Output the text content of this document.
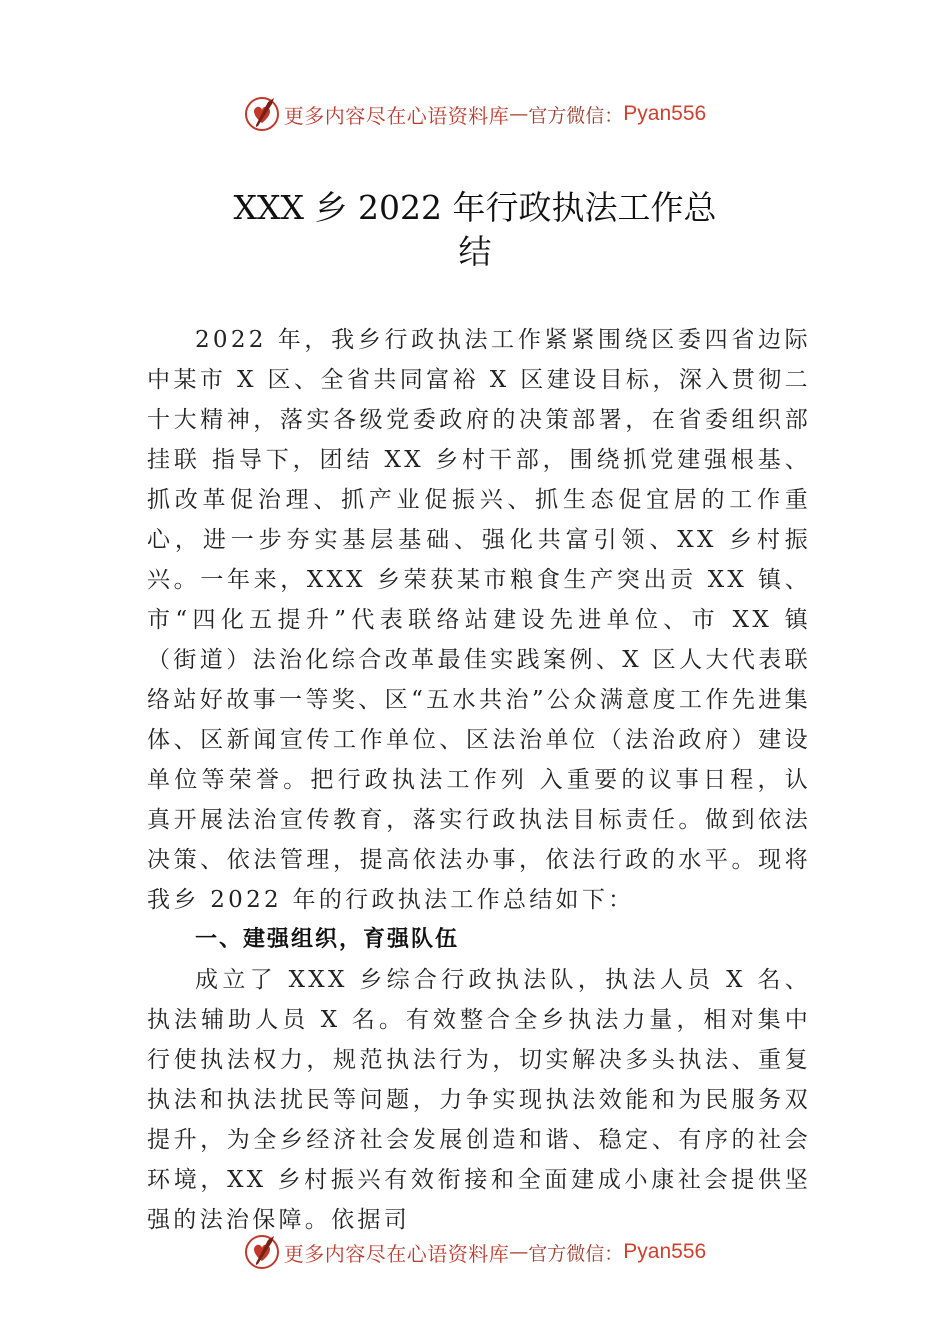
更多内容尽在心语资料库 — 官方微信： Pyan556
XXX 乡 2022 年行政执法工作总
结

2022 年，我乡行政执法工作紧紧围绕区委四省边际中某市 X 区、全省共同富裕 X 区建设目标，深入贯彻二十大精神，落实各级党委政府的决策部署，在省委组织部挂联 指导下，团结 XX 乡村干部，围绕抓党建强根基、抓改革促治理、抓产业促振兴、抓生态促宜居的工作重心，进一步夯实基层基础、强化共富引领、XX 乡村振兴。一年来，XXX 乡荣获某市粮食生产突出贡 XX 镇、市“四化五提升”代表联络站建设先进单位、市 XX 镇（街道）法治化综合改革最佳实践案例、X 区人大代表联络站好故事一等奖、区“五水共治”公众满意度工作先进集体、区新闻宣传工作单位、区法治单位（法治政府）建设单位等荣誉。把行政执法工作列 入重要的议事日程，认真开展法治宣传教育，落实行政执法目标责任。做到依法决策、依法管理，提高依法办事，依法行政的水平。现将我乡 2022 年的行政执法工作总结如下：

一、建强组织，育强队伍

成立了 XXX 乡综合行政执法队，执法人员 X 名、执法辅助人员 X 名。有效整合全乡执法力量，相对集中行使执法权力，规范执法行为，切实解决多头执法、重复执法和执法扰民等问题，力争实现执法效能和为民服务双提升，为全乡经济社会发展创造和谐、稳定、有序的社会环境，XX 乡村振兴有效衔接和全面建成小康社会提供坚强的法治保障。依据司

更多内容尽在心语资料库 — 官方微信： Pyan556
